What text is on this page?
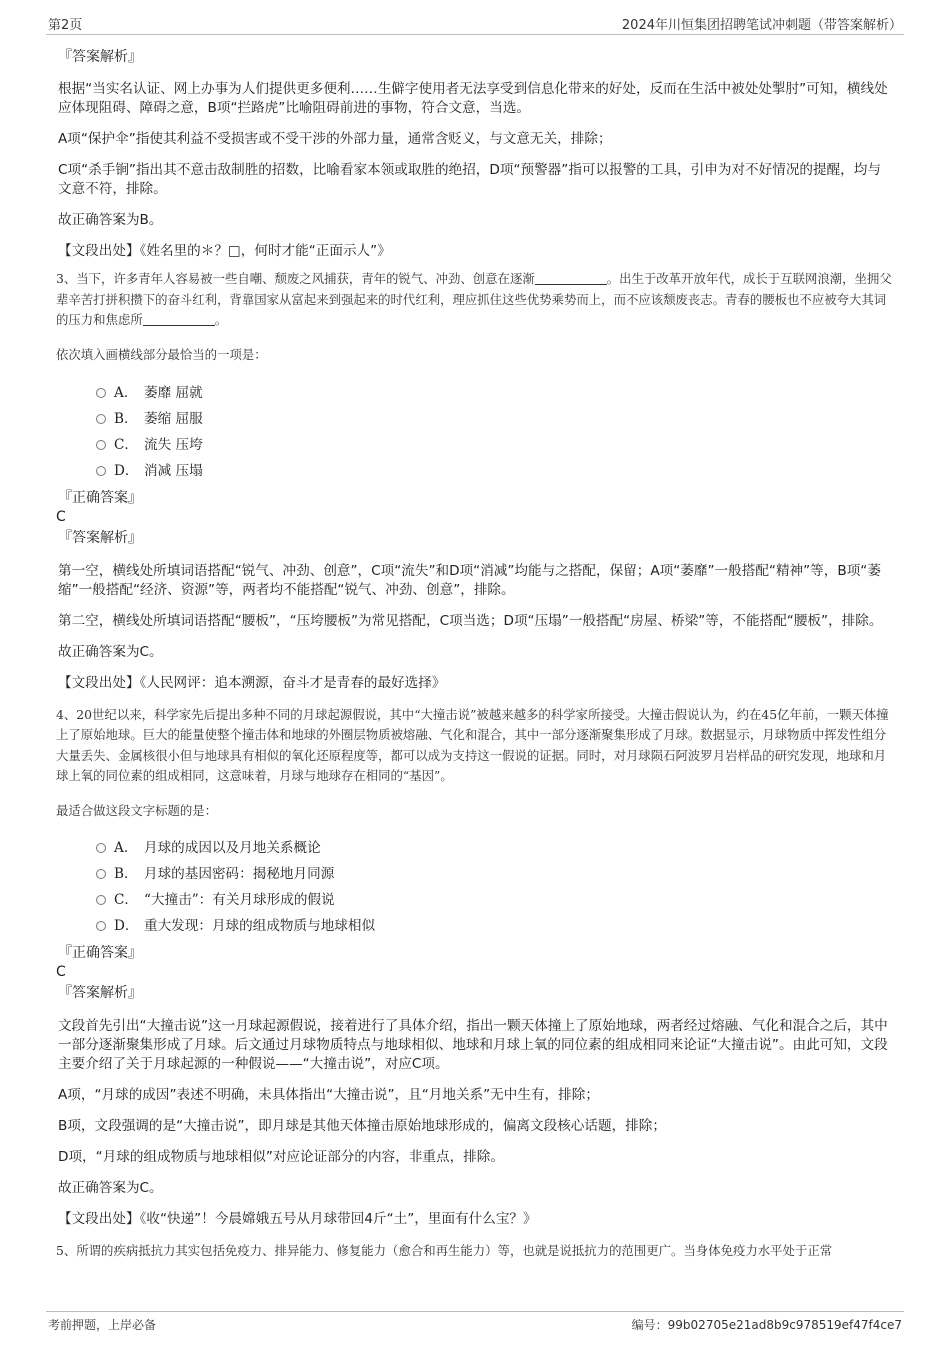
第2页	2024年川恒集团招聘笔试冲刺题（带答案解析）
『答案解析』

根据“当实名认证、网上办事为人们提供更多便利……生僻字使用者无法享受到信息化带来的好处，反而在生活中被处处掣肘”可知，横线处应体现阻碍、障碍之意，B项“拦路虎”比喻阻碍前进的事物，符合文意，当选。

A项“保护伞”指使其利益不受损害或不受干涉的外部力量，通常含贬义，与文意无关，排除；

C项“杀手锏”指出其不意击敌制胜的招数，比喻看家本领或取胜的绝招，D项“预警器”指可以报警的工具，引申为对不好情况的提醒，均与文意不符，排除。

故正确答案为B。

【文段出处】《姓名里的＊？□，何时才能“正面示人”》

3、当下，许多青年人容易被一些自嘲、颓废之风捕获，青年的锐气、冲劲、创意在逐渐	。出生于改革开放年代，成长于互联网浪潮，坐拥父辈辛苦打拼积攒下的奋斗红利，背靠国家从富起来到强起来的时代红利，理应抓住这些优势乘势而上，而不应该颓废丧志。青春的腰板也不应被夸大其词的压力和焦虑所	。

依次填入画横线部分最恰当的一项是：

A． 萎靡 屈就
B． 萎缩 屈服
C． 流失 压垮
D． 消减 压塌
『正确答案』
C
『答案解析』

第一空，横线处所填词语搭配“锐气、冲劲、创意”，C项“流失”和D项“消减”均能与之搭配，保留；A项“萎靡”一般搭配“精神”等，B项“萎缩”一般搭配“经济、资源”等，两者均不能搭配“锐气、冲劲、创意”，排除。

第二空，横线处所填词语搭配“腰板”，“压垮腰板”为常见搭配，C项当选；D项“压塌”一般搭配“房屋、桥梁”等，不能搭配“腰板”，排除。

故正确答案为C。

【文段出处】《人民网评：追本溯源，奋斗才是青春的最好选择》

4、20世纪以来，科学家先后提出多种不同的月球起源假说，其中“大撞击说”被越来越多的科学家所接受。大撞击假说认为，约在45亿年前，一颗天体撞上了原始地球。巨大的能量使整个撞击体和地球的外圈层物质被熔融、气化和混合，其中一部分逐渐聚集形成了月球。数据显示，月球物质中挥发性组分大量丢失、金属核很小但与地球具有相似的氧化还原程度等，都可以成为支持这一假说的证据。同时，对月球陨石阿波罗月岩样品的研究发现，地球和月球上氧的同位素的组成相同，这意味着，月球与地球存在相同的“基因”。

最适合做这段文字标题的是：

A． 月球的成因以及月地关系概论
B． 月球的基因密码：揭秘地月同源
C． “大撞击”：有关月球形成的假说
D． 重大发现：月球的组成物质与地球相似
『正确答案』
C
『答案解析』

文段首先引出“大撞击说”这一月球起源假说，接着进行了具体介绍，指出一颗天体撞上了原始地球，两者经过熔融、气化和混合之后，其中一部分逐渐聚集形成了月球。后文通过月球物质特点与地球相似、地球和月球上氧的同位素的组成相同来论证“大撞击说”。由此可知，文段主要介绍了关于月球起源的一种假说——“大撞击说”，对应C项。

A项，“月球的成因”表述不明确，未具体指出“大撞击说”，且“月地关系”无中生有，排除；

B项，文段强调的是“大撞击说”，即月球是其他天体撞击原始地球形成的，偏离文段核心话题，排除；

D项，“月球的组成物质与地球相似”对应论证部分的内容，非重点，排除。

故正确答案为C。

【文段出处】《收“快递”！今晨嫦娥五号从月球带回4斤“土”，里面有什么宝？》

5、所谓的疾病抵抗力其实包括免疫力、排异能力、修复能力（愈合和再生能力）等，也就是说抵抗力的范围更广。当身体免疫力水平处于正常

考前押题，上岸必备	编号：99b02705e21ad8b9c978519ef47f4ce7
